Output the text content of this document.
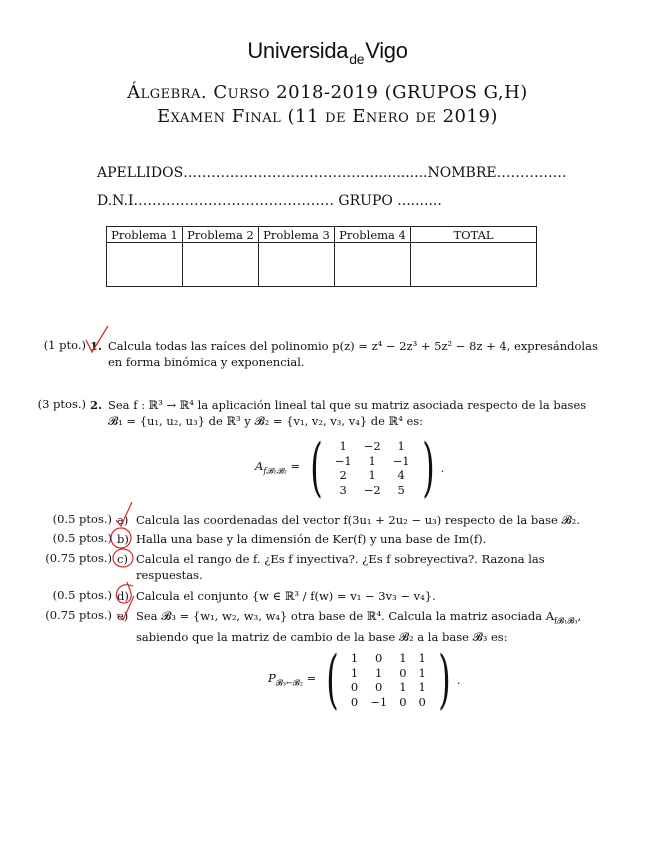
Universida$_{de}$Vigo
Álgebra. Curso 2018-2019 (GRUPOS G,H)
Examen Final (11 de Enero de 2019)
APELLIDOS…………………………………..............NOMBRE……………
D.N.I.…………………………………… GRUPO ..........
Problema 1	Problema 2	Problema 3	Problema 4	TOTAL

(1 pto.) 1. Calcula todas las raíces del polinomio p(z) = z⁴ − 2z³ + 5z² − 8z + 4, expresándolas
en forma binómica y exponencial.
(3 ptos.) 2. Sea f : ℝ³ → ℝ⁴ la aplicación lineal tal que su matriz asociada respecto de la bases
𝓑₁ = {u₁, u₂, u₃} de ℝ³ y 𝓑₂ = {v₁, v₂, v₃, v₄} de ℝ⁴ es:
$A_{f𝓑_1𝓑_2}$ = ( 1	−2	1
−1	1	−1
2	1	4
3	−2	5 ) .
(0.5 ptos.) a) Calcula las coordenadas del vector f(3u₁ + 2u₂ − u₃) respecto de la base 𝓑₂.
(0.5 ptos.) b) Halla una base y la dimensión de Ker(f) y una base de Im(f).
(0.75 ptos.) c) Calcula el rango de f. ¿Es f inyectiva?. ¿Es f sobreyectiva?. Razona las
respuestas.
(0.5 ptos.) d) Calcula el conjunto {w ∈ ℝ³ / f(w) = v₁ − 3v₃ − v₄}.
(0.75 ptos.) e) Sea 𝓑₃ = {w₁, w₂, w₃, w₄} otra base de ℝ⁴. Calcula la matriz asociada $A_{f𝓑_1𝓑_3}$,
sabiendo que la matriz de cambio de la base 𝓑₂ a la base 𝓑₃ es:
$P_{𝓑_3\leftarrow 𝓑_2}$ = ( 1	0	1	1
1	1	0	1
0	0	1	1
0	−1	0	0 ) .
